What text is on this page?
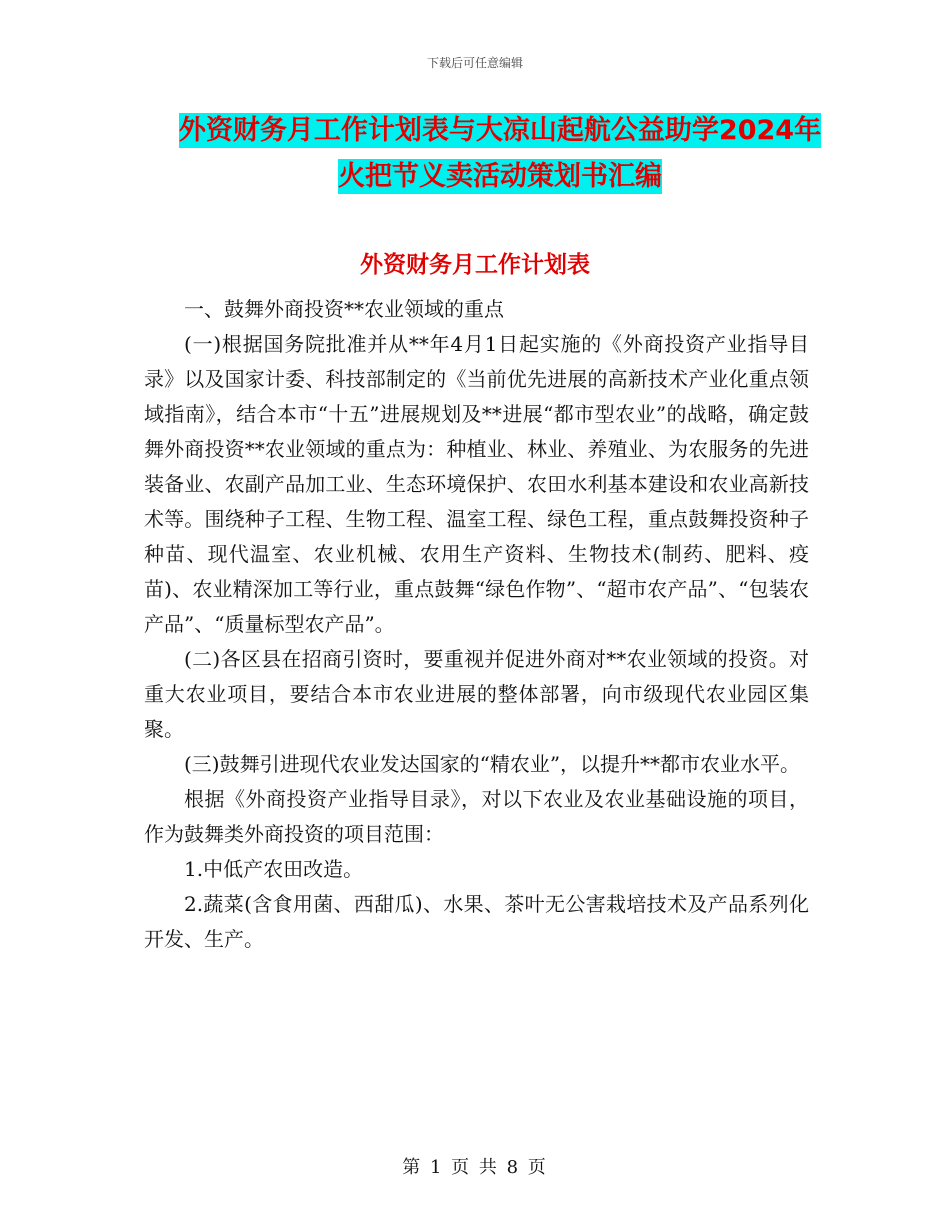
下载后可任意编辑
外资财务月工作计划表与大凉山起航公益助学2024年
火把节义卖活动策划书汇编
外资财务月工作计划表

一、鼓舞外商投资**农业领域的重点

(一)根据国务院批准并从**年4月1日起实施的《外商投资产业指导目录》以及国家计委、科技部制定的《当前优先进展的高新技术产业化重点领域指南》，结合本市“十五”进展规划及**进展“都市型农业”的战略，确定鼓舞外商投资**农业领域的重点为：种植业、林业、养殖业、为农服务的先进装备业、农副产品加工业、生态环境保护、农田水利基本建设和农业高新技术等。围绕种子工程、生物工程、温室工程、绿色工程，重点鼓舞投资种子种苗、现代温室、农业机械、农用生产资料、生物技术(制药、肥料、疫苗)、农业精深加工等行业，重点鼓舞“绿色作物”、“超市农产品”、“包装农产品”、“质量标型农产品”。

(二)各区县在招商引资时，要重视并促进外商对**农业领域的投资。对重大农业项目，要结合本市农业进展的整体部署，向市级现代农业园区集聚。

(三)鼓舞引进现代农业发达国家的“精农业”，以提升**都市农业水平。

根据《外商投资产业指导目录》，对以下农业及农业基础设施的项目，作为鼓舞类外商投资的项目范围：

1.中低产农田改造。

2.蔬菜(含食用菌、西甜瓜)、水果、茶叶无公害栽培技术及产品系列化开发、生产。

第 1 页 共 8 页
